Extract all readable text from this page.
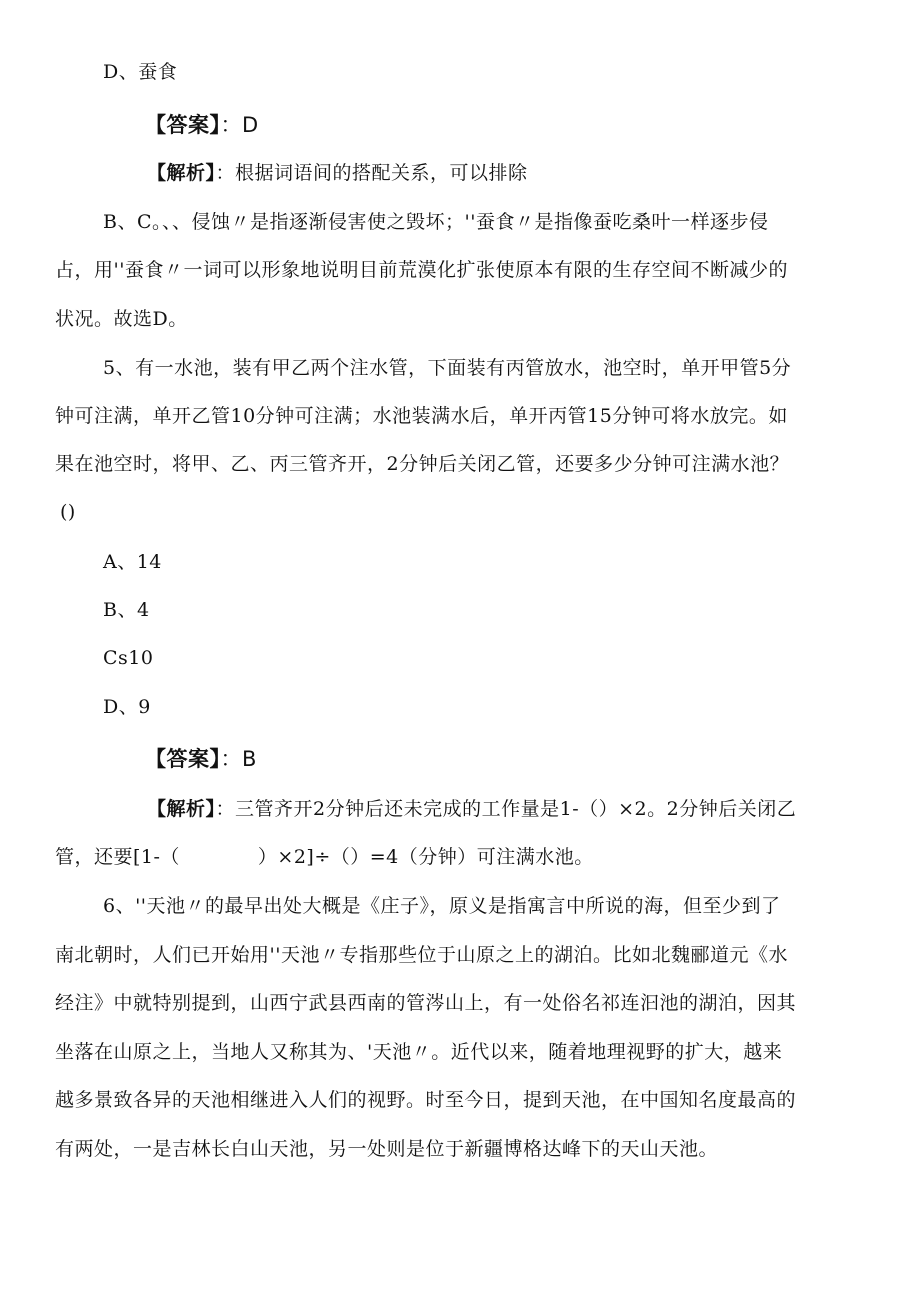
D、蚕食
【答案】：D
【解析】：根据词语间的搭配关系，可以排除
B、C。、、侵蚀〃是指逐渐侵害使之毁坏；''蚕食〃是指像蚕吃桑叶一样逐步侵
占，用''蚕食〃一词可以形象地说明目前荒漠化扩张使原本有限的生存空间不断减少的
状况。故选D。
5、有一水池，装有甲乙两个注水管，下面装有丙管放水，池空时，单开甲管5分
钟可注满，单开乙管10分钟可注满；水池装满水后，单开丙管15分钟可将水放完。如
果在池空时，将甲、乙、丙三管齐开，2分钟后关闭乙管，还要多少分钟可注满水池？
()
A、14
B、4
Cs10
D、9
【答案】：B
【解析】：三管齐开2分钟后还未完成的工作量是1-（）×2。2分钟后关闭乙
管，还要[1-（	）×2]÷（）=4（分钟）可注满水池。
6、''天池〃的最早出处大概是《庄子》，原义是指寓言中所说的海，但至少到了
南北朝时，人们已开始用''天池〃专指那些位于山原之上的湖泊。比如北魏郦道元《水
经注》中就特别提到，山西宁武县西南的管涔山上，有一处俗名祁连汩池的湖泊，因其
坐落在山原之上，当地人又称其为、'天池〃。近代以来，随着地理视野的扩大，越来
越多景致各异的天池相继进入人们的视野。时至今日，提到天池，在中国知名度最高的
有两处，一是吉林长白山天池，另一处则是位于新疆博格达峰下的天山天池。
